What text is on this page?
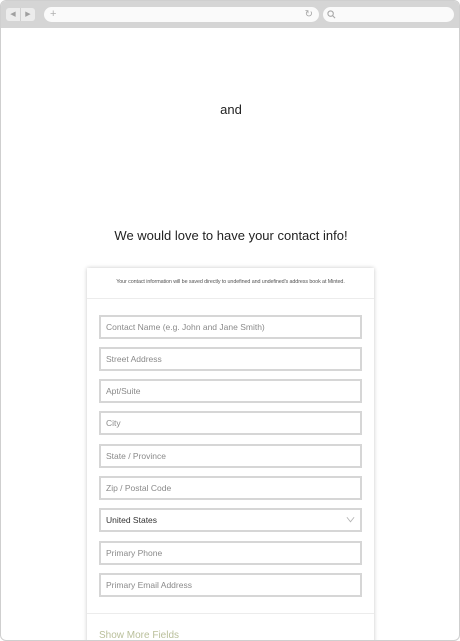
◀	▶	+	↻
and
We would love to have your contact info!
Your contact information will be saved directly to undefined and undefined's address book at Minted.
Contact Name (e.g. John and Jane Smith)
Street Address
Apt/Suite
City
State / Province
Zip / Postal Code
United States
Primary Phone
Primary Email Address
Show More Fields
